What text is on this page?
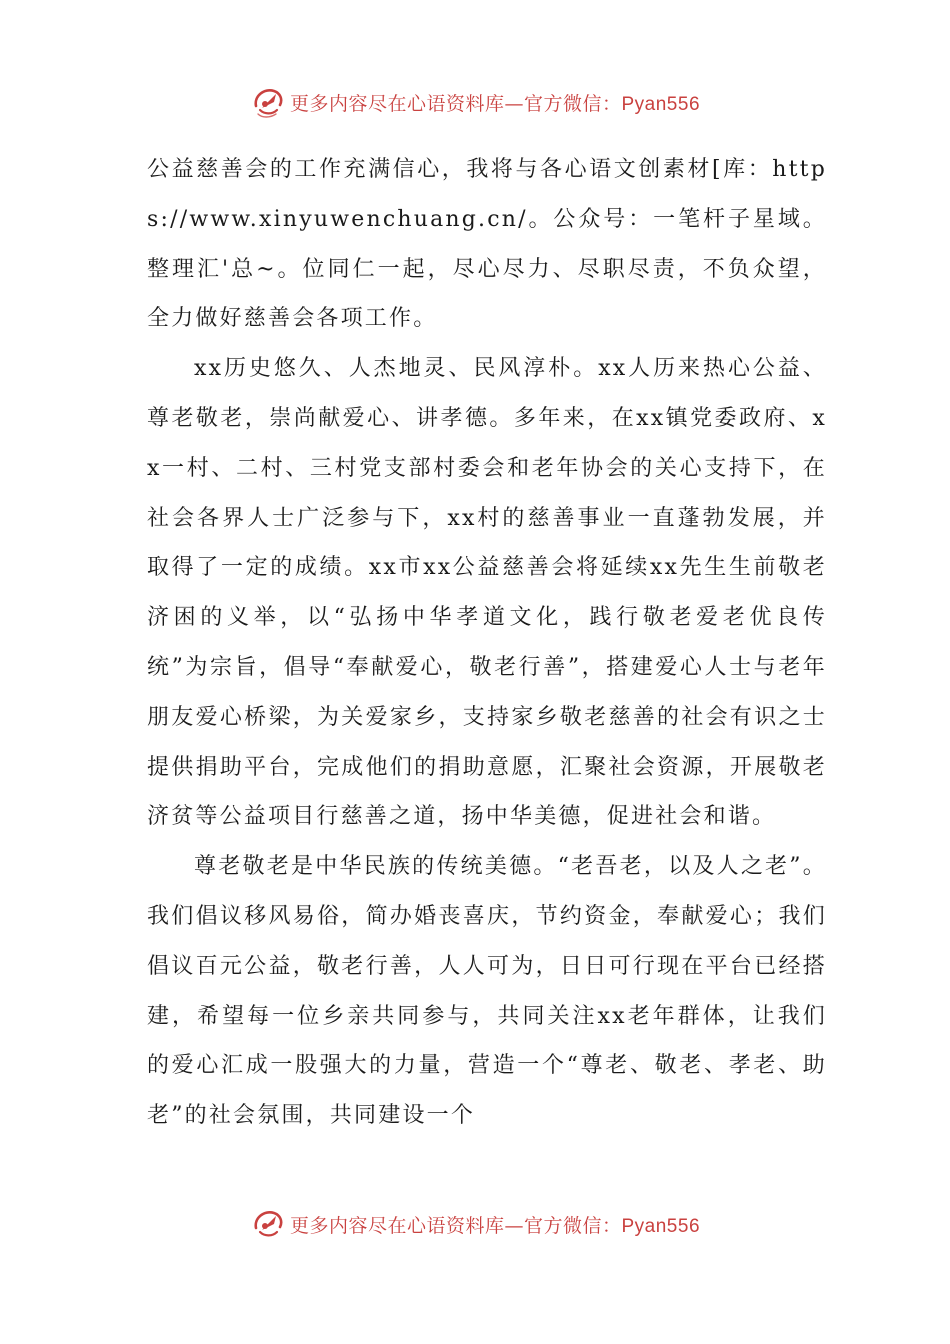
更多内容尽在心语资料库—官方微信：Pyan556

公益慈善会的工作充满信心，我将与各心语文创素材[库：https://www.xinyuwenchuang.cn/。公众号：一笔杆子星域。整理汇'总~。位同仁一起，尽心尽力、尽职尽责，不负众望，全力做好慈善会各项工作。

xx历史悠久、人杰地灵、民风淳朴。xx人历来热心公益、尊老敬老，崇尚献爱心、讲孝德。多年来，在xx镇党委政府、xx一村、二村、三村党支部村委会和老年协会的关心支持下，在社会各界人士广泛参与下，xx村的慈善事业一直蓬勃发展，并取得了一定的成绩。xx市xx公益慈善会将延续xx先生生前敬老济困的义举，以“弘扬中华孝道文化，践行敬老爱老优良传统”为宗旨，倡导“奉献爱心，敬老行善”，搭建爱心人士与老年朋友爱心桥梁，为关爱家乡，支持家乡敬老慈善的社会有识之士提供捐助平台，完成他们的捐助意愿，汇聚社会资源，开展敬老济贫等公益项目行慈善之道，扬中华美德，促进社会和谐。

尊老敬老是中华民族的传统美德。“老吾老，以及人之老”。我们倡议移风易俗，简办婚丧喜庆，节约资金，奉献爱心；我们倡议百元公益，敬老行善，人人可为，日日可行现在平台已经搭建，希望每一位乡亲共同参与，共同关注xx老年群体，让我们的爱心汇成一股强大的力量，营造一个“尊老、敬老、孝老、助老”的社会氛围，共同建设一个

更多内容尽在心语资料库—官方微信：Pyan556
